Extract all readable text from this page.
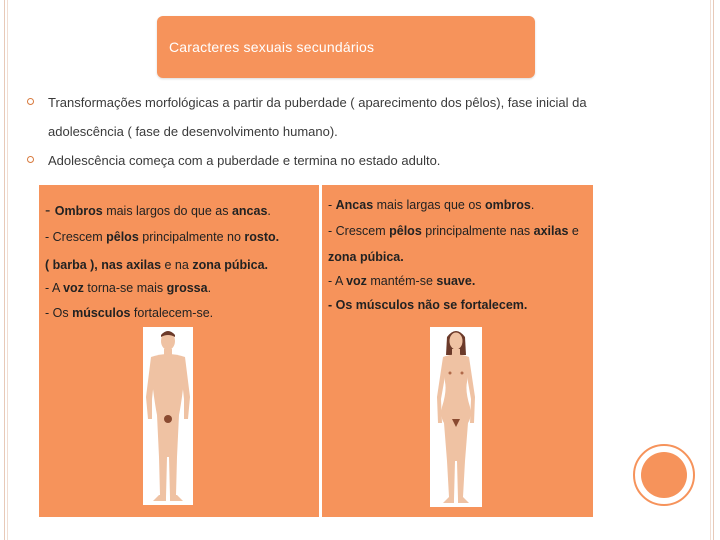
Caracteres sexuais secundários
Transformações morfológicas a partir da puberdade ( aparecimento dos pêlos), fase inicial da
adolescência ( fase de desenvolvimento humano).
Adolescência começa com a puberdade e termina no estado adulto.
- Ombros mais largos do que as ancas.
- Crescem pêlos principalmente no rosto.
( barba ), nas axilas e na zona púbica.
- A voz torna-se mais grossa.
- Os músculos fortalecem-se.
- Ancas mais largas que os ombros.
- Crescem pêlos principalmente nas axilas e
zona púbica.
- A voz mantém-se suave.
- Os músculos não se fortalecem.
